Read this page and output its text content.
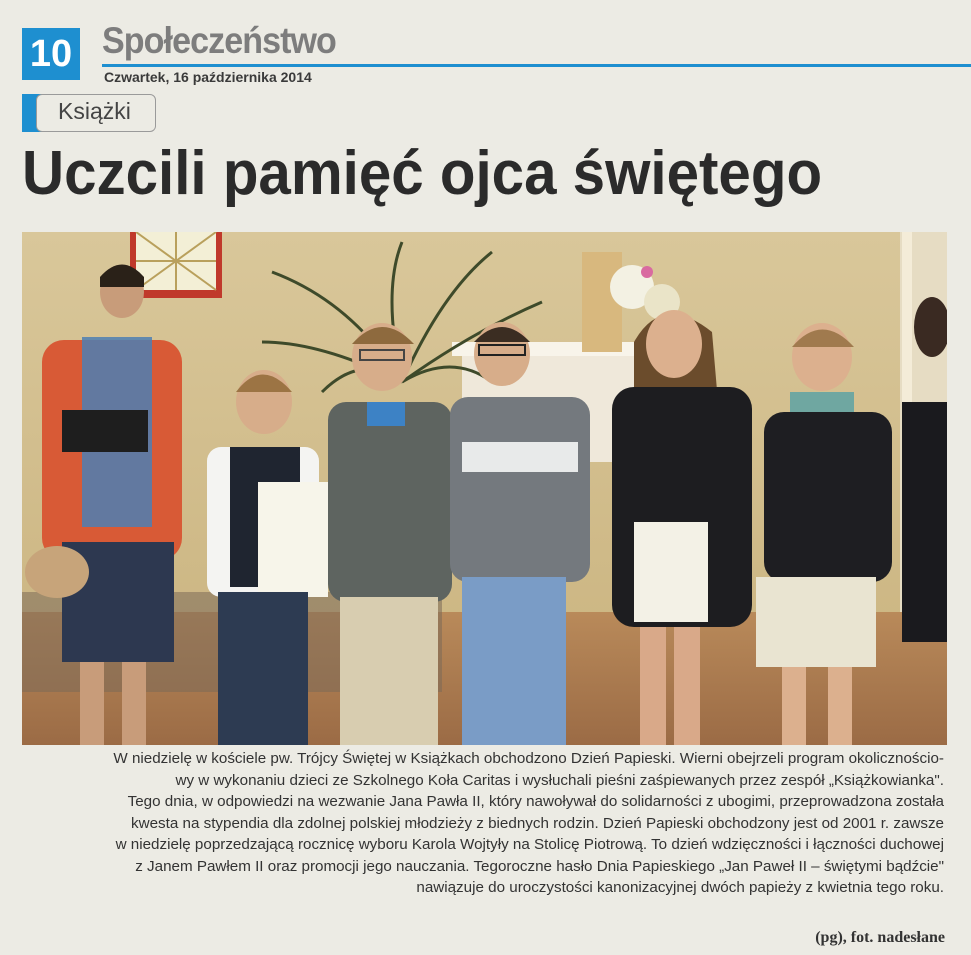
10 Społeczeństwo
Czwartek, 16 października 2014
Książki
Uczcili pamięć ojca świętego
W niedzielę w kościele pw. Trójcy Świętej w Książkach obchodzono Dzień Papieski. Wierni obejrzeli program okolicznościo-
wy w wykonaniu dzieci ze Szkolnego Koła Caritas i wysłuchali pieśni zaśpiewanych przez zespół „Książkowianka".
Tego dnia, w odpowiedzi na wezwanie Jana Pawła II, który nawoływał do solidarności z ubogimi, przeprowadzona została
kwesta na stypendia dla zdolnej polskiej młodzieży z biednych rodzin. Dzień Papieski obchodzony jest od 2001 r. zawsze
w niedzielę poprzedzającą rocznicę wyboru Karola Wojtyły na Stolicę Piotrową. To dzień wdzięczności i łączności duchowej
z Janem Pawłem II oraz promocji jego nauczania. Tegoroczne hasło Dnia Papieskiego „Jan Paweł II – świętymi bądźcie"
nawiązuje do uroczystości kanonizacyjnej dwóch papieży z kwietnia tego roku.
(pg), fot. nadesłane
